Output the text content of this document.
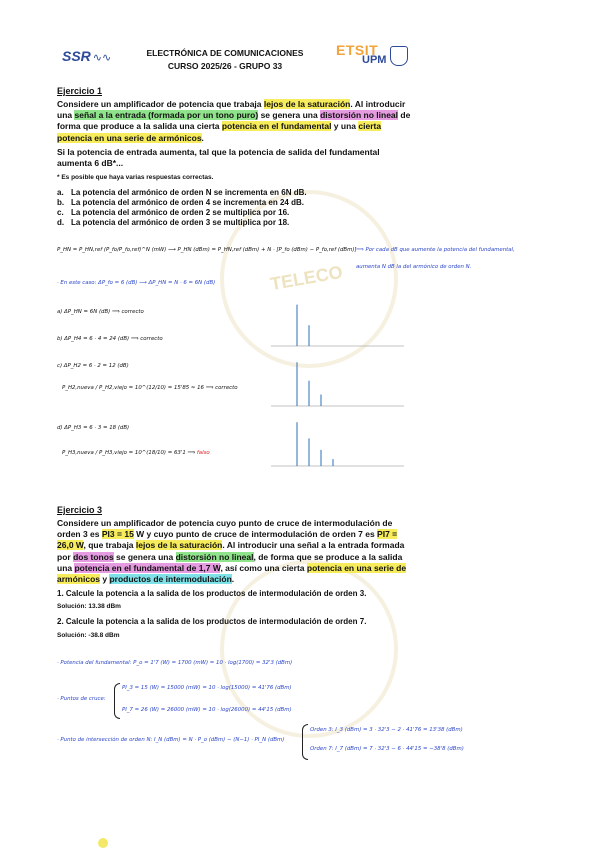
TELECO
SSR ∿∿	ELECTRÓNICA DE COMUNICACIONES
CURSO 2025/26 - GRUPO 33
ETSIT
UPM
Ejercicio 1
Considere un amplificador de potencia que trabaja lejos de la saturación. Al introducir una señal a la entrada (formada por un tono puro) se genera una distorsión no lineal de forma que produce a la salida una cierta potencia en el fundamental y una cierta potencia en una serie de armónicos.
Si la potencia de entrada aumenta, tal que la potencia de salida del fundamental aumenta 6 dB*...
* Es posible que haya varias respuestas correctas.
a. La potencia del armónico de orden N se incrementa en 6N dB.
b. La potencia del armónico de orden 4 se incrementa en 24 dB.
c. La potencia del armónico de orden 2 se multiplica por 16.
d. La potencia del armónico de orden 3 se multiplica por 18.
P_HN = P_HN,ref (P_fo/P_fo,ref)^N (mW) ⟶ P_HN (dBm) = P_HN,ref (dBm) + N · [P_fo (dBm) − P_fo,ref (dBm)] ⟹ Por cada dB que aumente la potencia del fundamental,
aumenta N dB la del armónico de orden N.
· En este caso: ΔP_fo = 6 (dB) ⟶ ΔP_HN = N · 6 = 6N (dB)
a) ΔP_HN = 6N (dB) ⟹ correcto
b) ΔP_H4 = 6 · 4 = 24 (dB) ⟹ correcto
c) ΔP_H2 = 6 · 2 = 12 (dB)
P_H2,nueva / P_H2,viejo = 10^(12/10) = 15'85 ≈ 16 ⟹ correcto
d) ΔP_H3 = 6 · 3 = 18 (dB)
P_H3,nueva / P_H3,viejo = 10^(18/10) = 63'1 ⟹ falso
Ejercicio 3
Considere un amplificador de potencia cuyo punto de cruce de intermodulación de orden 3 es PI3 = 15 W y cuyo punto de cruce de intermodulación de orden 7 es PI7 = 26,0 W, que trabaja lejos de la saturación. Al introducir una señal a la entrada formada por dos tonos se genera una distorsión no lineal, de forma que se produce a la salida una potencia en el fundamental de 1,7 W, así como una cierta potencia en una serie de armónicos y productos de intermodulación.
1. Calcule la potencia a la salida de los productos de intermodulación de orden 3.
Solución: 13.38 dBm
2. Calcule la potencia a la salida de los productos de intermodulación de orden 7.
Solución: -38.8 dBm
· Potencia del fundamental: P_o = 1'7 (W) = 1700 (mW) = 10 · log(1700) = 32'3 (dBm)
· Puntos de cruce:
PI_3 = 15 (W) = 15000 (mW) = 10 · log(15000) = 41'76 (dBm)
PI_7 = 26 (W) = 26000 (mW) = 10 · log(26000) = 44'15 (dBm)
· Punto de intersección de orden N: I_N (dBm) = N · P_o (dBm) − (N−1) · PI_N (dBm)
Orden 3: I_3 (dBm) = 3 · 32'3 − 2 · 41'76 = 13'38 (dBm)
Orden 7: I_7 (dBm) = 7 · 32'3 − 6 · 44'15 = −38'8 (dBm)
